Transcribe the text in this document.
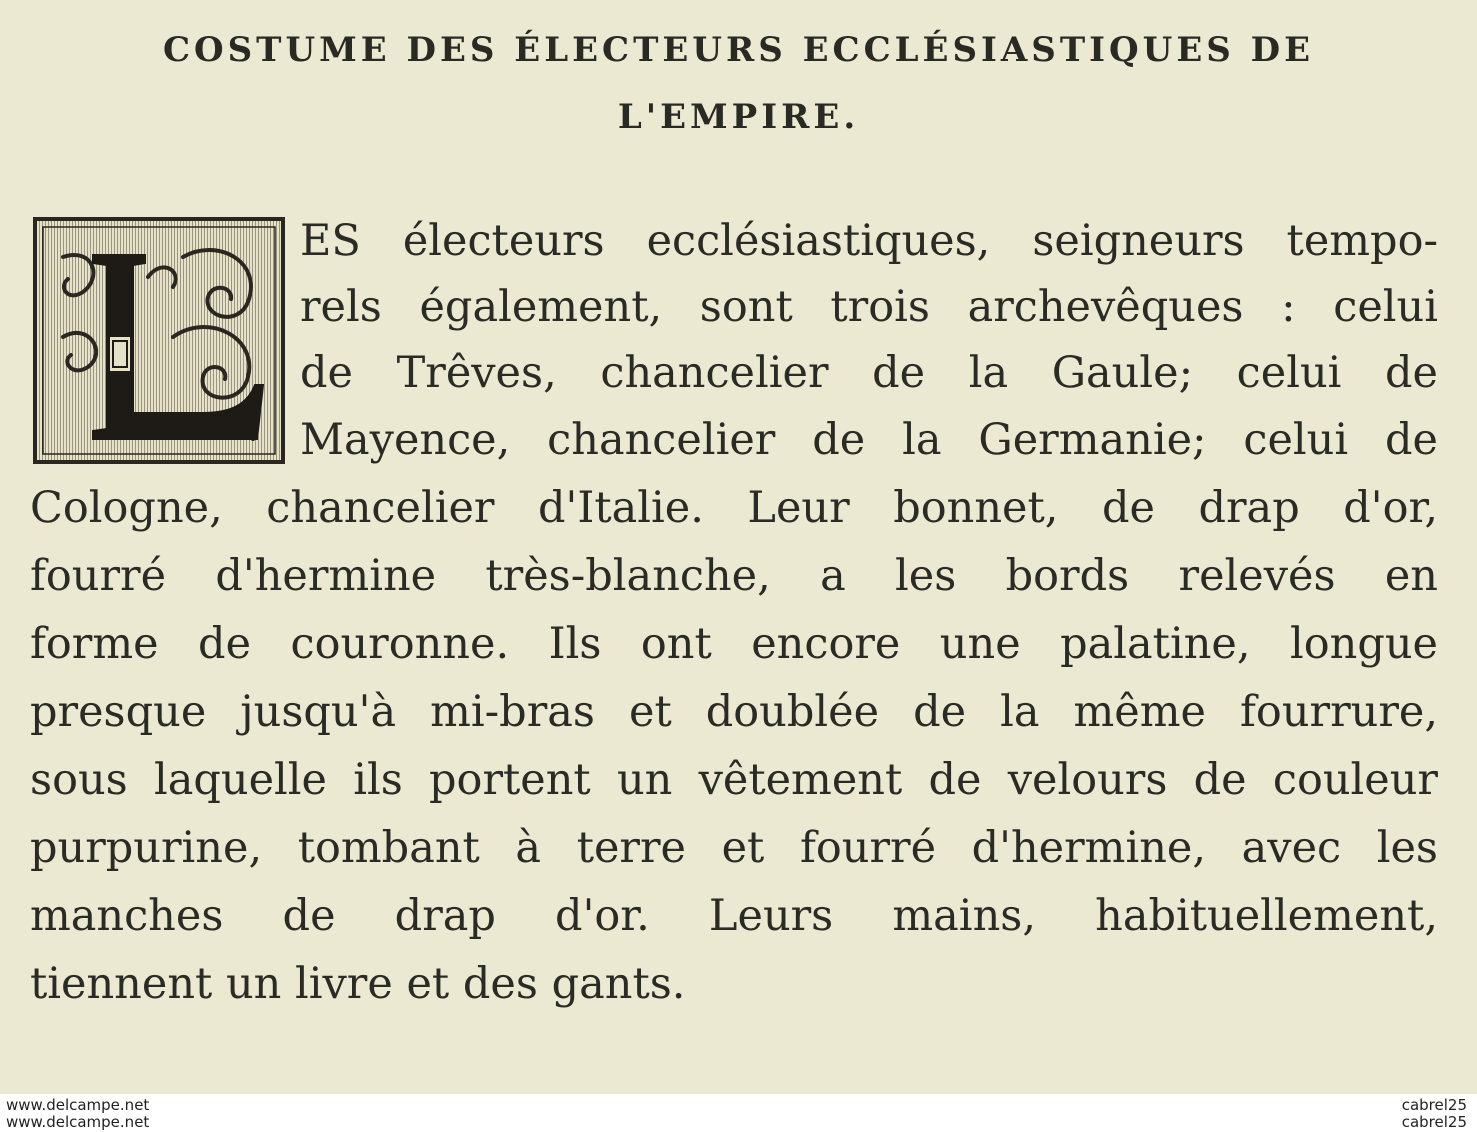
COSTUME DES ÉLECTEURS ECCLÉSIASTIQUES DE
L'EMPIRE.

ES électeurs ecclésiastiques, seigneurs tempo-

rels également, sont trois archevêques : celui

de Trêves, chancelier de la Gaule; celui de

Mayence, chancelier de la Germanie; celui de

Cologne, chancelier d'Italie. Leur bonnet, de drap d'or,

fourré d'hermine très-blanche, a les bords relevés en

forme de couronne. Ils ont encore une palatine, longue

presque jusqu'à mi-bras et doublée de la même fourrure,

sous laquelle ils portent un vêtement de velours de couleur

purpurine, tombant à terre et fourré d'hermine, avec les

manches de drap d'or. Leurs mains, habituellement,

tiennent un livre et des gants.

www.delcampe.net

www.delcampe.net

cabrel25

cabrel25
